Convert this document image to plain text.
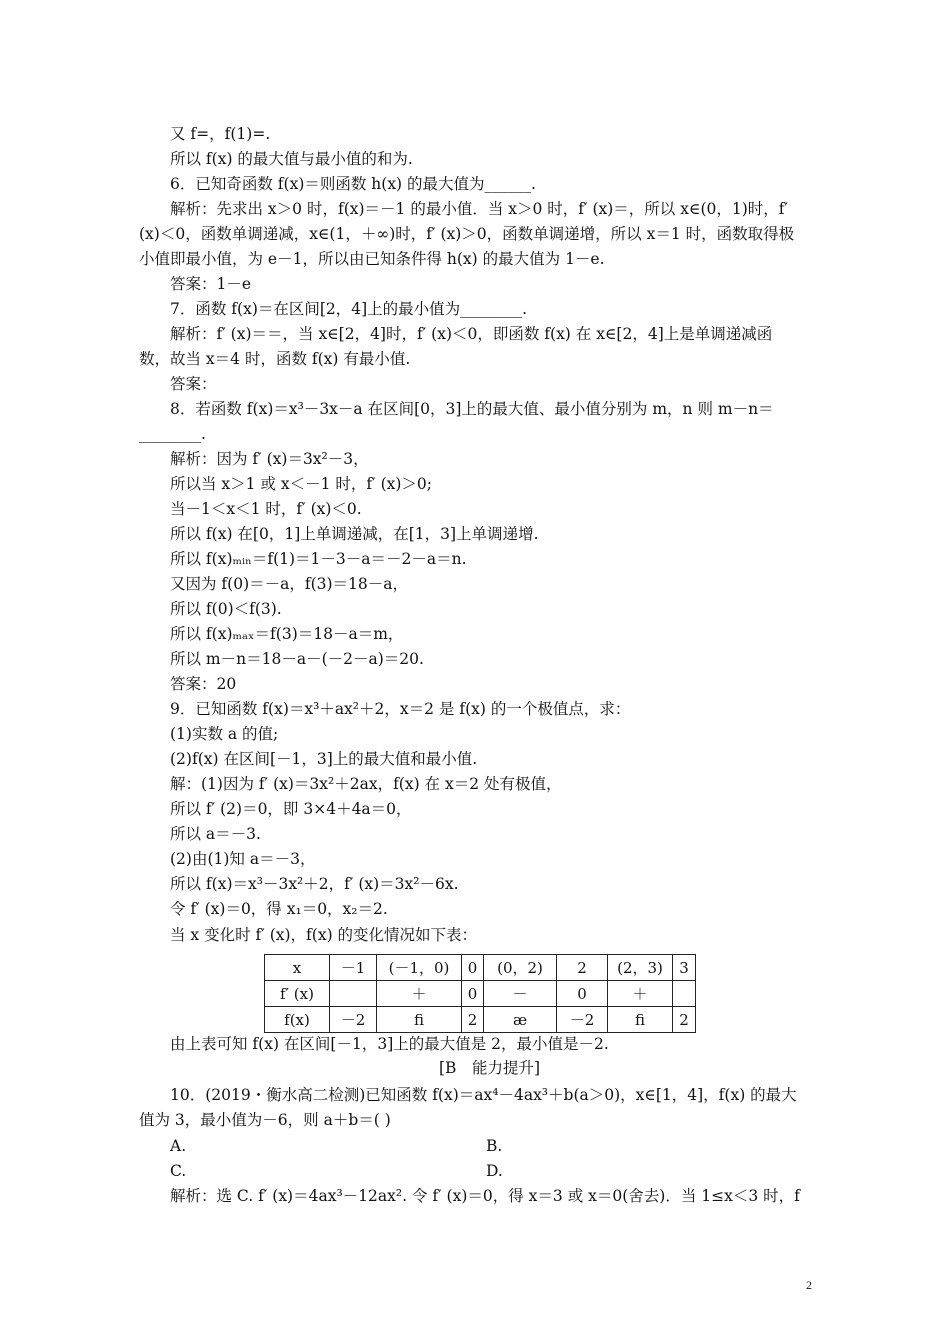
又 f=，f(1)=.
所以 f(x) 的最大值与最小值的和为.
6．已知奇函数 f(x)＝则函数 h(x) 的最大值为______.
解析：先求出 x＞0 时，f(x)＝－1 的最小值．当 x＞0 时，f′ (x)＝，所以 x∈(0，1)时，f′
(x)＜0，函数单调递减，x∈(1，＋∞)时，f′ (x)＞0，函数单调递增，所以 x＝1 时，函数取得极
小值即最小值，为 e－1，所以由已知条件得 h(x) 的最大值为 1－e.
答案：1－e
7．函数 f(x)＝在区间[2，4]上的最小值为________.
解析：f′ (x)＝＝，当 x∈[2，4]时，f′ (x)＜0，即函数 f(x) 在 x∈[2，4]上是单调递减函
数，故当 x＝4 时，函数 f(x) 有最小值.
答案：
8．若函数 f(x)＝x³－3x－a 在区间[0，3]上的最大值、最小值分别为 m，n 则 m－n＝
________.
解析：因为 f′ (x)＝3x²－3，
所以当 x＞1 或 x＜－1 时，f′ (x)＞0;
当－1＜x＜1 时，f′ (x)＜0.
所以 f(x) 在[0，1]上单调递减，在[1，3]上单调递增.
所以 f(x)ₘᵢₙ＝f(1)＝1－3－a＝－2－a＝n.
又因为 f(0)＝－a，f(3)＝18－a，
所以 f(0)＜f(3).
所以 f(x)ₘₐₓ＝f(3)＝18－a＝m，
所以 m－n＝18－a－(－2－a)＝20.
答案：20
9．已知函数 f(x)＝x³＋ax²＋2，x＝2 是 f(x) 的一个极值点，求：
(1)实数 a 的值;
(2)f(x) 在区间[－1，3]上的最大值和最小值.
解：(1)因为 f′ (x)＝3x²＋2ax，f(x) 在 x＝2 处有极值，
所以 f′ (2)＝0，即 3×4＋4a＝0，
所以 a＝－3.
(2)由(1)知 a＝－3，
所以 f(x)＝x³－3x²＋2，f′ (x)＝3x²－6x.
令 f′ (x)＝0，得 x₁＝0，x₂＝2.
当 x 变化时 f′ (x)，f(x) 的变化情况如下表：
x	－1	(－1，0)	0	(0，2)	2	(2，3)	3
f′ (x)		＋	0	－	0	＋	
f(x)	－2	ﬁ	2	æ	－2	ﬁ	2
由上表可知 f(x) 在区间[－1，3]上的最大值是 2，最小值是－2.
[B　能力提升]
10．(2019・衡水高二检测)已知函数 f(x)＝ax⁴－4ax³＋b(a＞0)，x∈[1，4]，f(x) 的最大
值为 3，最小值为－6，则 a＋b＝( )
A.	B.
C.	D.
解析：选 C. f′ (x)＝4ax³－12ax². 令 f′ (x)＝0，得 x＝3 或 x＝0(舍去)．当 1≤x＜3 时，f
2
